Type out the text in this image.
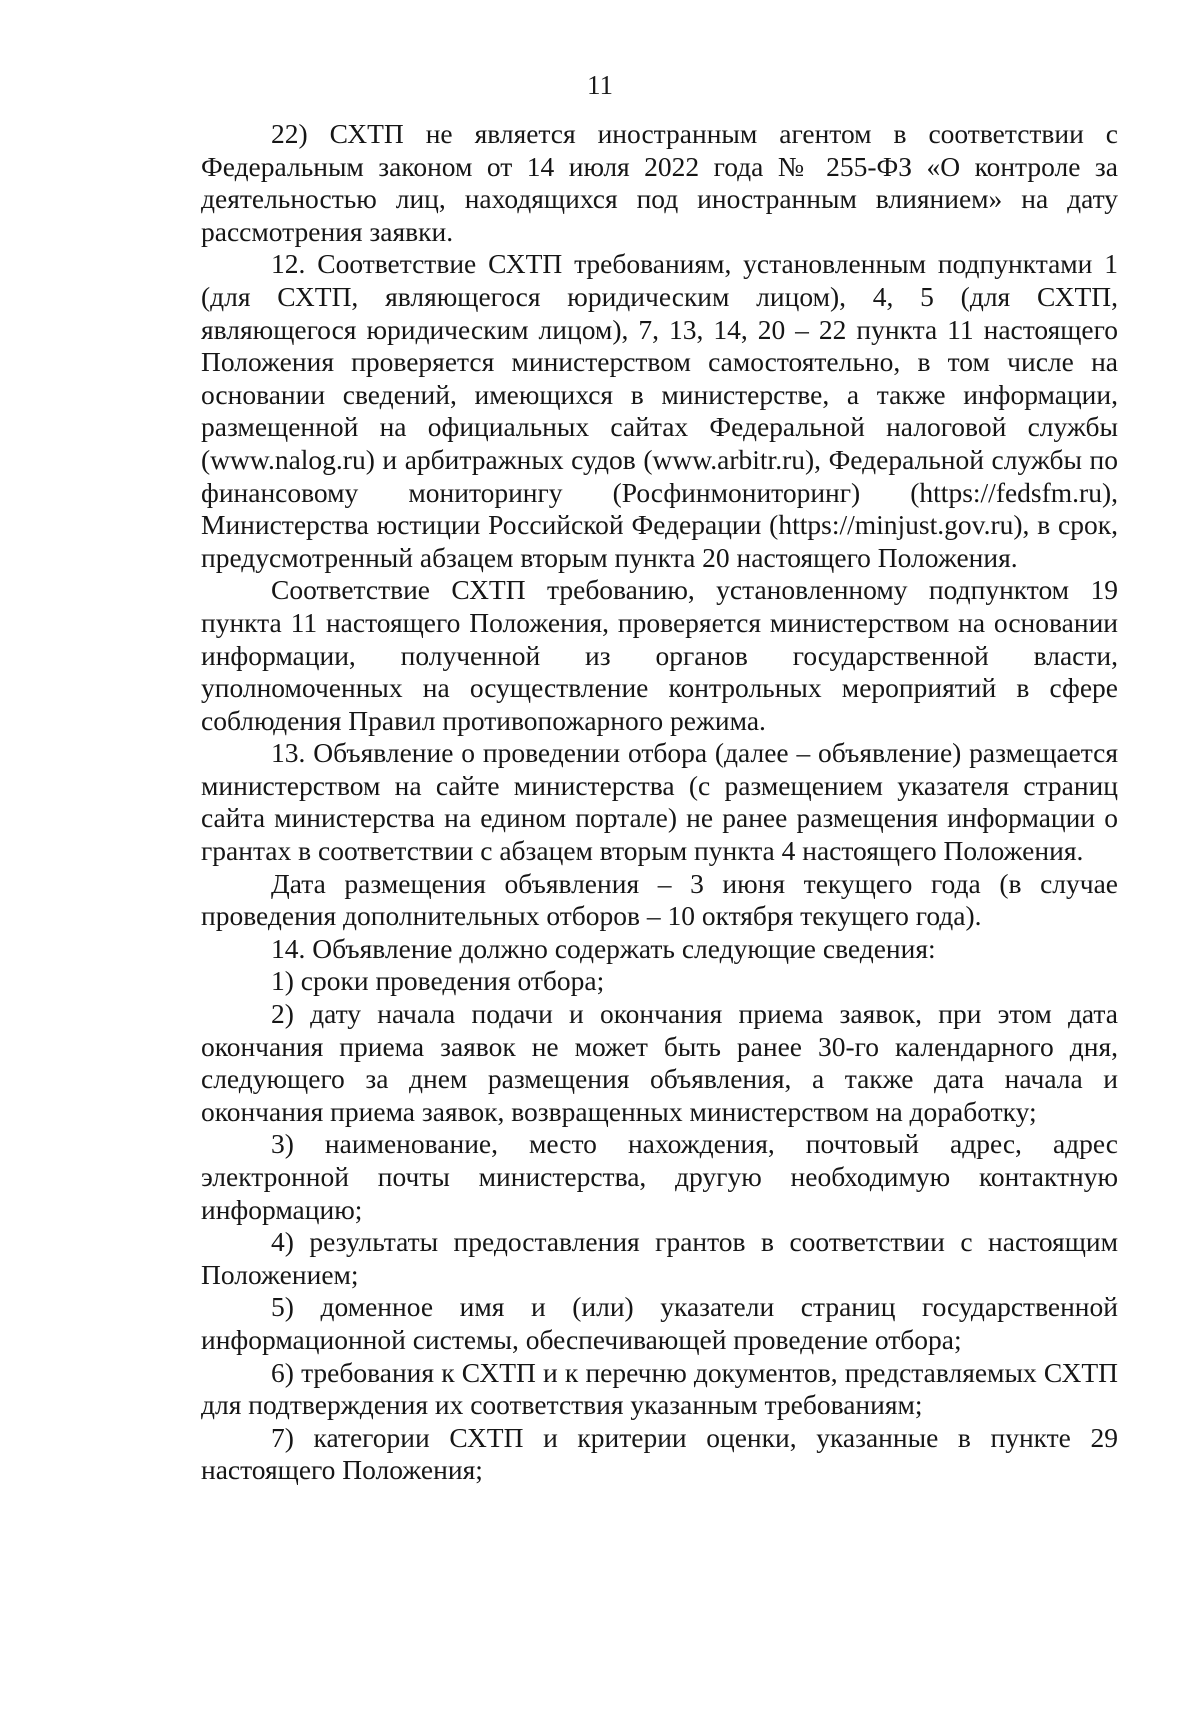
11

22) СХТП не является иностранным агентом в соответствии с Федеральным законом от 14 июля 2022 года № 255-ФЗ «О контроле за деятельностью лиц, находящихся под иностранным влиянием» на дату рассмотрения заявки.

12. Соответствие СХТП требованиям, установленным подпунктами 1 (для СХТП, являющегося юридическим лицом), 4, 5 (для СХТП, являющегося юридическим лицом), 7, 13, 14, 20 – 22 пункта 11 настоящего Положения проверяется министерством самостоятельно, в том числе на основании сведений, имеющихся в министерстве, а также информации, размещенной на официальных сайтах Федеральной налоговой службы (www.nalog.ru) и арбитражных судов (www.arbitr.ru), Федеральной службы по финансовому мониторингу (Росфинмониторинг) (https://fedsfm.ru), Министерства юстиции Российской Федерации (https://minjust.gov.ru), в срок, предусмотренный абзацем вторым пункта 20 настоящего Положения.

Соответствие СХТП требованию, установленному подпунктом 19 пункта 11 настоящего Положения, проверяется министерством на основании информации, полученной из органов государственной власти, уполномоченных на осуществление контрольных мероприятий в сфере соблюдения Правил противопожарного режима.

13. Объявление о проведении отбора (далее – объявление) размещается министерством на сайте министерства (с размещением указателя страниц сайта министерства на едином портале) не ранее размещения информации о грантах в соответствии с абзацем вторым пункта 4 настоящего Положения.

Дата размещения объявления – 3 июня текущего года (в случае проведения дополнительных отборов – 10 октября текущего года).

14. Объявление должно содержать следующие сведения:

1) сроки проведения отбора;

2) дату начала подачи и окончания приема заявок, при этом дата окончания приема заявок не может быть ранее 30-го календарного дня, следующего за днем размещения объявления, а также дата начала и окончания приема заявок, возвращенных министерством на доработку;

3) наименование, место нахождения, почтовый адрес, адрес электронной почты министерства, другую необходимую контактную информацию;

4) результаты предоставления грантов в соответствии с настоящим Положением;

5) доменное имя и (или) указатели страниц государственной информационной системы, обеспечивающей проведение отбора;

6) требования к СХТП и к перечню документов, представляемых СХТП для подтверждения их соответствия указанным требованиям;

7) категории СХТП и критерии оценки, указанные в пункте 29 настоящего Положения;
